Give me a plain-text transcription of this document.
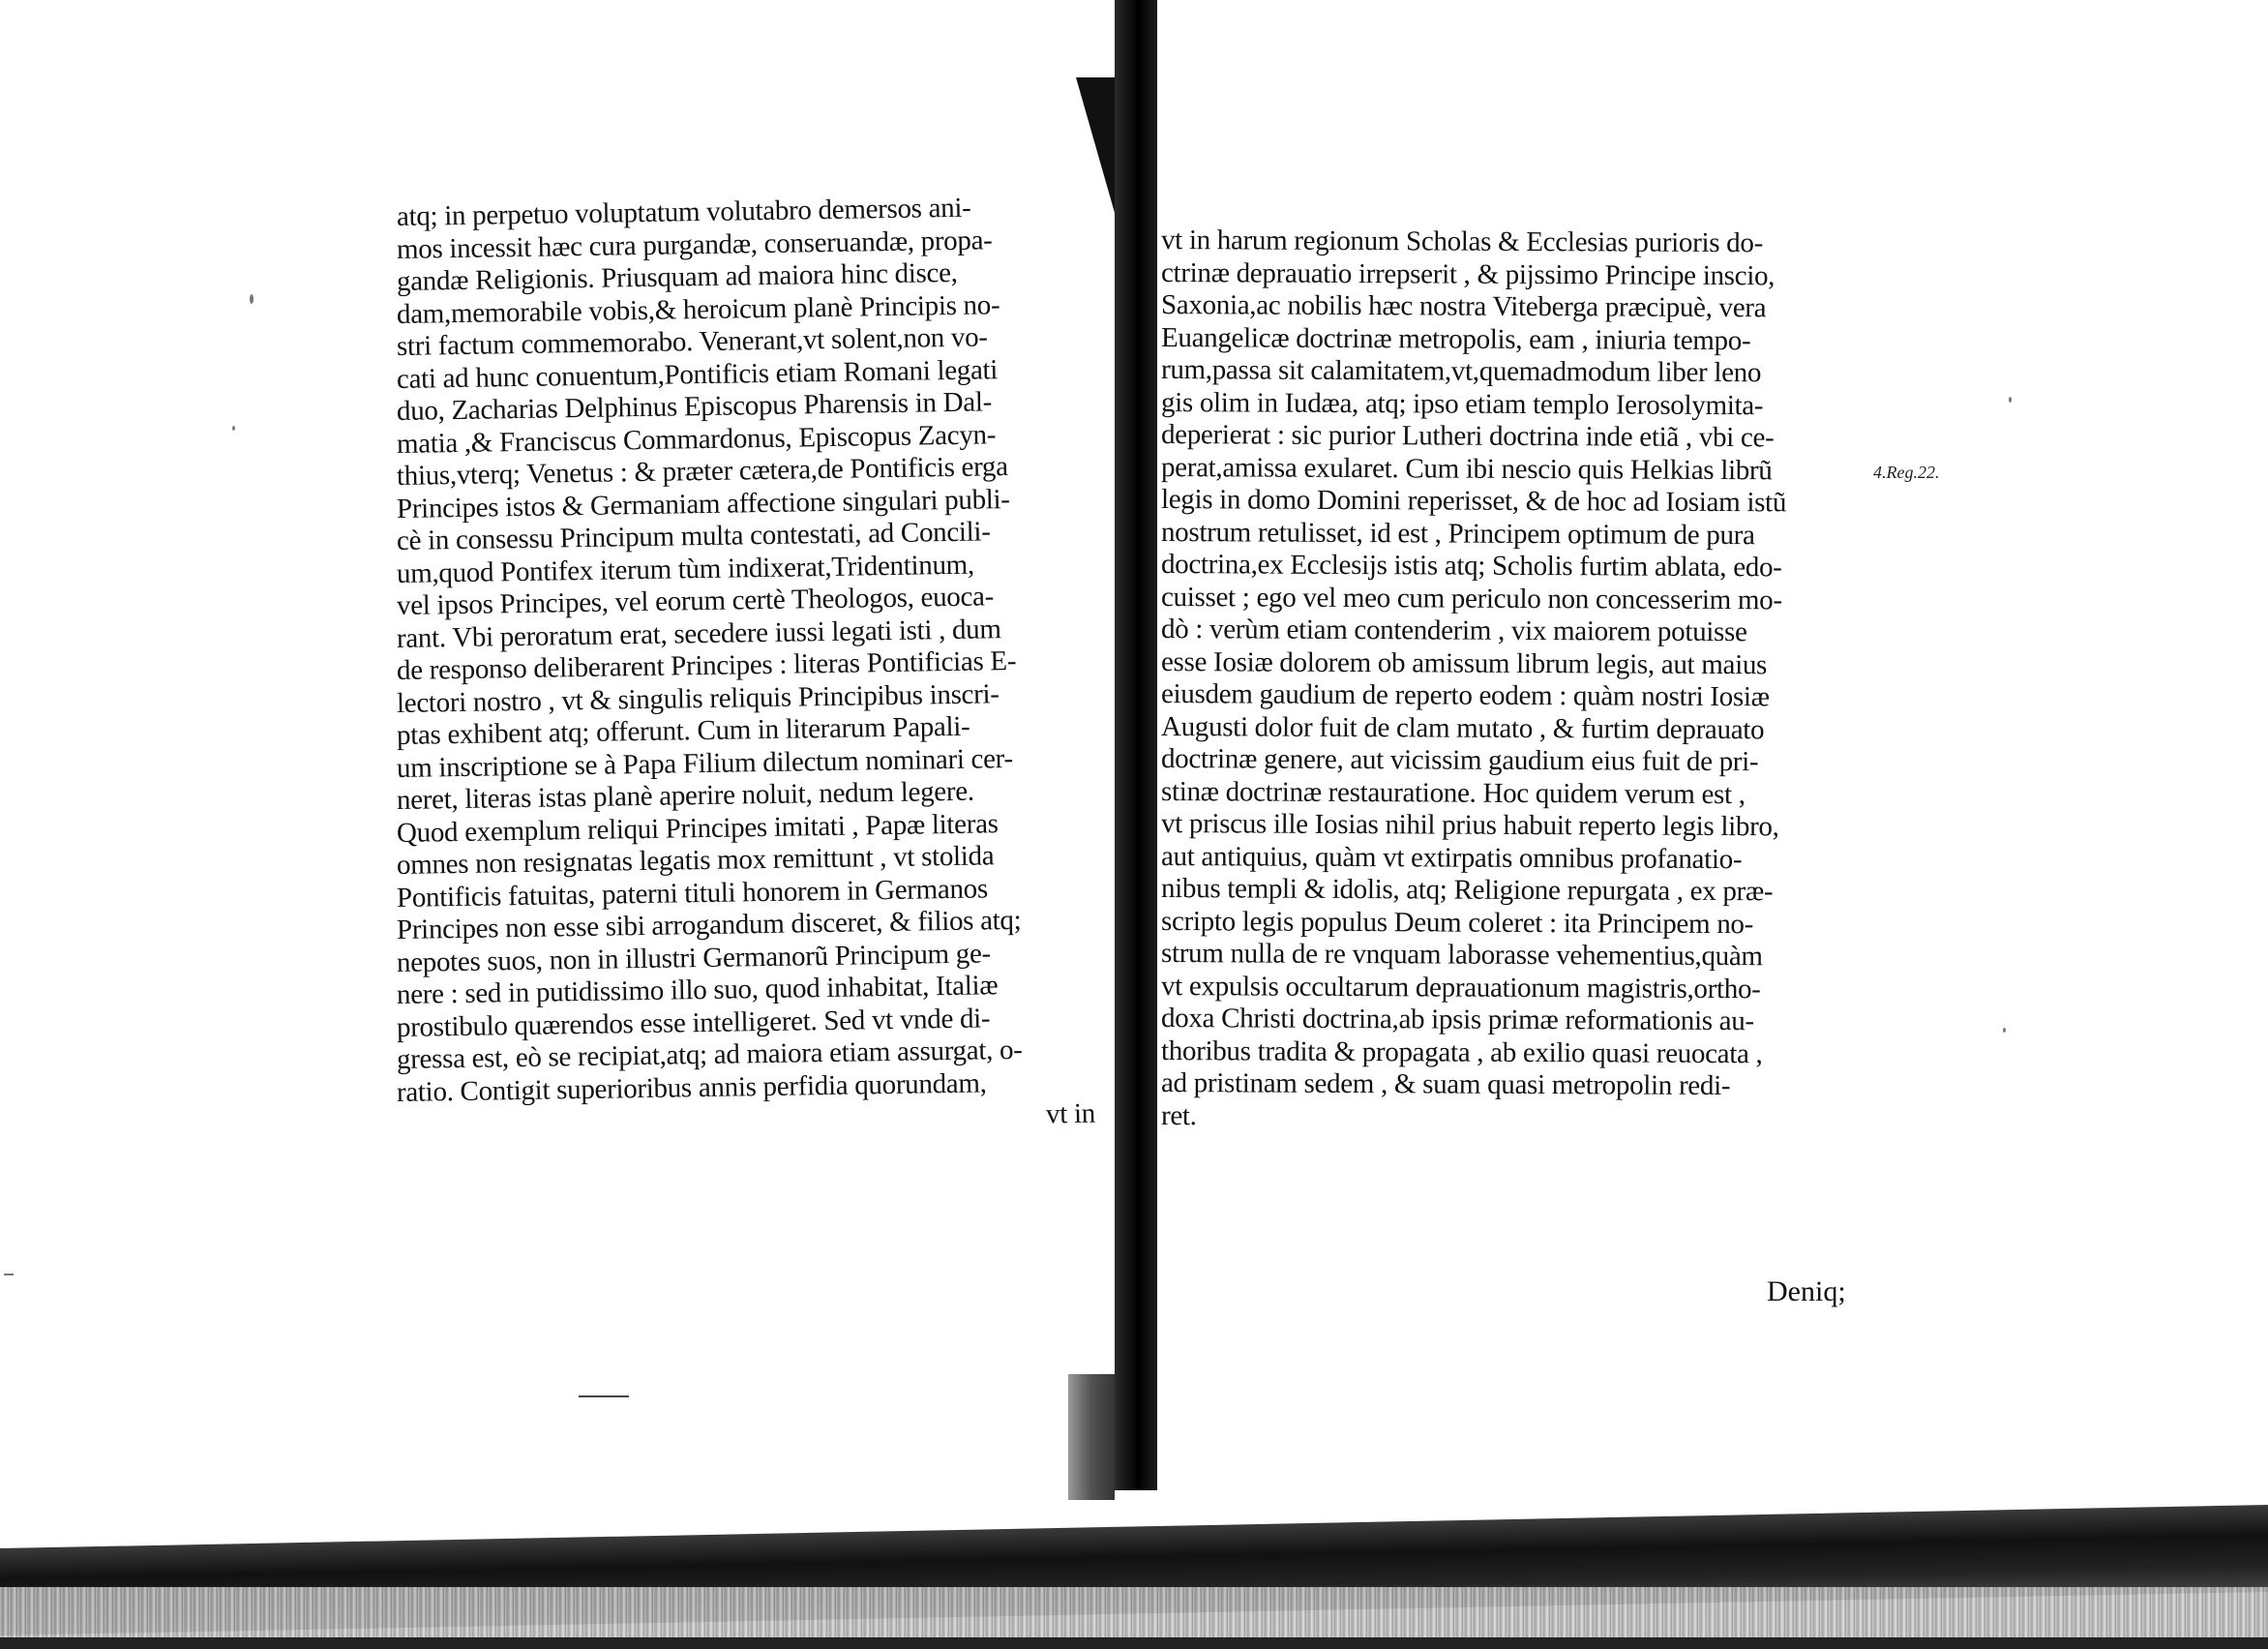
atq; in perpetuo voluptatum volutabro demersos ani-
mos incessit hæc cura purgandæ, conseruandæ, propa-
gandæ Religionis. Priusquam ad maiora hinc disce,
dam,memorabile vobis,& heroicum planè Principis no-
stri factum commemorabo. Venerant,vt solent,non vo-
cati ad hunc conuentum,Pontificis etiam Romani legati
duo, Zacharias Delphinus Episcopus Pharensis in Dal-
matia ,& Franciscus Commardonus, Episcopus Zacyn-
thius,vterq; Venetus : & præter cætera,de Pontificis erga
Principes istos & Germaniam affectione singulari publi-
cè in consessu Principum multa contestati, ad Concili-
um,quod Pontifex iterum tùm indixerat,Tridentinum,
vel ipsos Principes, vel eorum certè Theologos, euoca-
rant. Vbi peroratum erat, secedere iussi legati isti , dum
de responso deliberarent Principes : literas Pontificias E-
lectori nostro , vt & singulis reliquis Principibus inscri-
ptas exhibent atq; offerunt. Cum in literarum Papali-
um inscriptione se à Papa Filium dilectum nominari cer-
neret, literas istas planè aperire noluit, nedum legere.
Quod exemplum reliqui Principes imitati , Papæ literas
omnes non resignatas legatis mox remittunt , vt stolida
Pontificis fatuitas, paterni tituli honorem in Germanos
Principes non esse sibi arrogandum disceret, & filios atq;
nepotes suos, non in illustri Germanorũ Principum ge-
nere : sed in putidissimo illo suo, quod inhabitat, Italiæ
prostibulo quærendos esse intelligeret. Sed vt vnde di-
gressa est, eò se recipiat,atq; ad maiora etiam assurgat, o-
ratio. Contigit superioribus annis perfidia quorundam,
vt in
vt in harum regionum Scholas & Ecclesias purioris do-
ctrinæ deprauatio irrepserit , & pijssimo Principe inscio,
Saxonia,ac nobilis hæc nostra Viteberga præcipuè, vera
Euangelicæ doctrinæ metropolis, eam , iniuria tempo-
rum,passa sit calamitatem,vt,quemadmodum liber leno
gis olim in Iudæa, atq; ipso etiam templo Ierosolymita-
deperierat : sic purior Lutheri doctrina inde etiã , vbi ce-
perat,amissa exularet. Cum ibi nescio quis Helkias librũ
legis in domo Domini reperisset, & de hoc ad Iosiam istũ
nostrum retulisset, id est , Principem optimum de pura
doctrina,ex Ecclesijs istis atq; Scholis furtim ablata, edo-
cuisset ; ego vel meo cum periculo non concesserim mo-
dò : verùm etiam contenderim , vix maiorem potuisse
esse Iosiæ dolorem ob amissum librum legis, aut maius
eiusdem gaudium de reperto eodem : quàm nostri Iosiæ
Augusti dolor fuit de clam mutato , & furtim deprauato
doctrinæ genere, aut vicissim gaudium eius fuit de pri-
stinæ doctrinæ restauratione. Hoc quidem verum est ,
vt priscus ille Iosias nihil prius habuit reperto legis libro,
aut antiquius, quàm vt extirpatis omnibus profanatio-
nibus templi & idolis, atq; Religione repurgata , ex præ-
scripto legis populus Deum coleret : ita Principem no-
strum nulla de re vnquam laborasse vehementius,quàm
vt expulsis occultarum deprauationum magistris,ortho-
doxa Christi doctrina,ab ipsis primæ reformationis au-
thoribus tradita & propagata , ab exilio quasi reuocata ,
ad pristinam sedem , & suam quasi metropolin redi-
ret.
4.Reg.22.
Deniq;
